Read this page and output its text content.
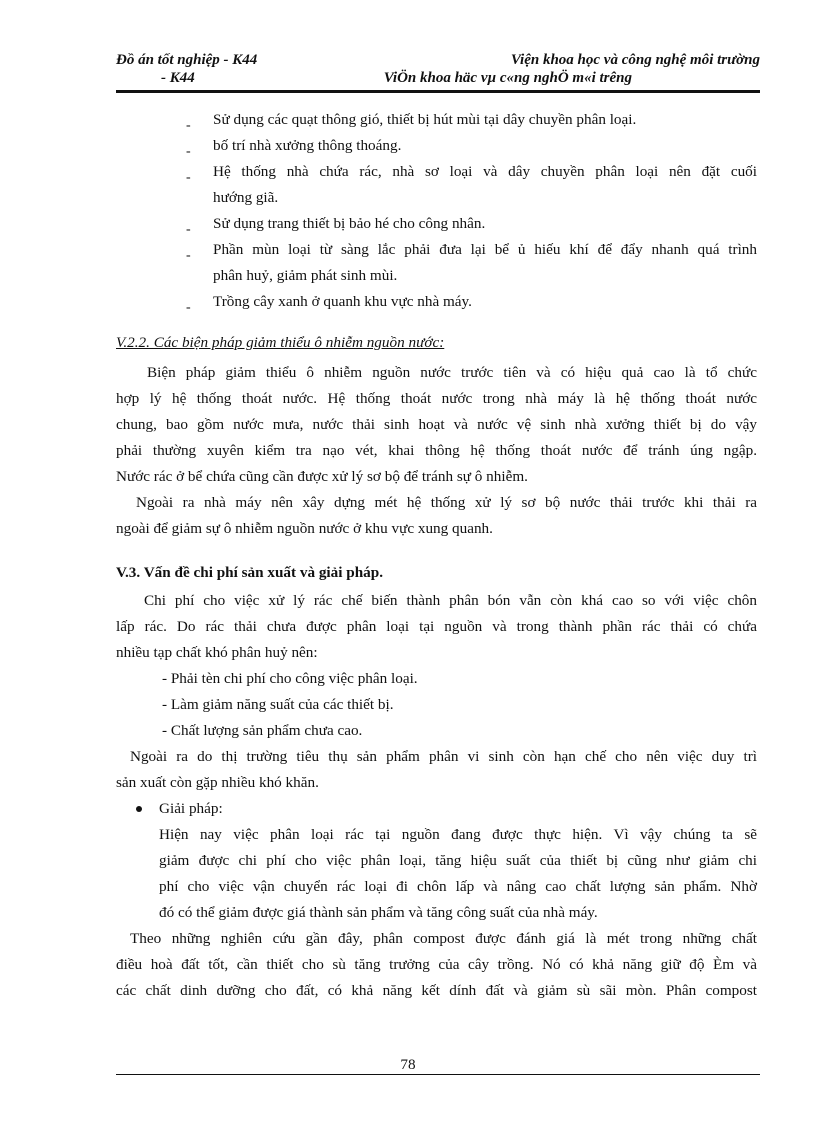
Đồ án tốt nghiệp - K44	Viện khoa học và công nghệ môi trường
- K44	ViÖn khoa häc vµ c«ng nghÖ m«i trêng
- Sử dụng các quạt thông gió, thiết bị hút mùi tại dây chuyền phân loại.
- bố trí nhà xưởng thông thoáng.
- Hệ thống nhà chứa rác, nhà sơ loại và dây chuyền phân loại nên đặt cuối
hướng giã.
- Sử dụng trang thiết bị bảo hé cho công nhân.
- Phần mùn loại từ sàng lắc phải đưa lại bể ủ hiếu khí để đẩy nhanh quá trình
phân huỷ, giảm phát sinh mùi.
- Trồng cây xanh ở quanh khu vực nhà máy.
V.2.2. Các biện pháp giảm thiểu ô nhiễm nguồn nước:
Biện pháp giảm thiểu ô nhiễm nguồn nước trước tiên và có hiệu quả cao là tổ chức
hợp lý hệ thống thoát nước. Hệ thống thoát nước trong nhà máy là hệ thống thoát nước
chung, bao gồm nước mưa, nước thải sinh hoạt và nước vệ sinh nhà xưởng thiết bị do vậy
phải thường xuyên kiểm tra nạo vét, khai thông hệ thống thoát nước để tránh úng ngập.
Nước rác ở bể chứa cũng cần được xử lý sơ bộ để tránh sự ô nhiễm.
Ngoài ra nhà máy nên xây dựng mét hệ thống xử lý sơ bộ nước thải trước khi thải ra
ngoài để giảm sự ô nhiễm nguồn nước ở khu vực xung quanh.
V.3. Vấn đề chi phí sản xuất và giải pháp.
Chi phí cho việc xử lý rác chế biến thành phân bón vẫn còn khá cao so với việc chôn
lấp rác. Do rác thải chưa được phân loại tại nguồn và trong thành phần rác thải có chứa
nhiều tạp chất khó phân huỷ nên:
- Phải tèn chi phí cho công việc phân loại.
- Làm giảm năng suất của các thiết bị.
- Chất lượng sản phẩm chưa cao.
Ngoài ra do thị trường tiêu thụ sản phẩm phân vi sinh còn hạn chế cho nên việc duy trì
sản xuất còn gặp nhiều khó khăn.
Giải pháp:
Hiện nay việc phân loại rác tại nguồn đang được thực hiện. Vì vậy chúng ta sẽ
giảm được chi phí cho việc phân loại, tăng hiệu suất của thiết bị cũng như giảm chi
phí cho việc vận chuyển rác loại đi chôn lấp và nâng cao chất lượng sản phẩm. Nhờ
đó có thể giảm được giá thành sản phẩm và tăng công suất của nhà máy.
Theo những nghiên cứu gần đây, phân compost được đánh giá là mét trong những chất
điều hoà đất tốt, cần thiết cho sù tăng trưởng của cây trồng. Nó có khả năng giữ độ Èm và
các chất dinh dưỡng cho đất, có khả năng kết dính đất và giảm sù sãi mòn. Phân compost
78
